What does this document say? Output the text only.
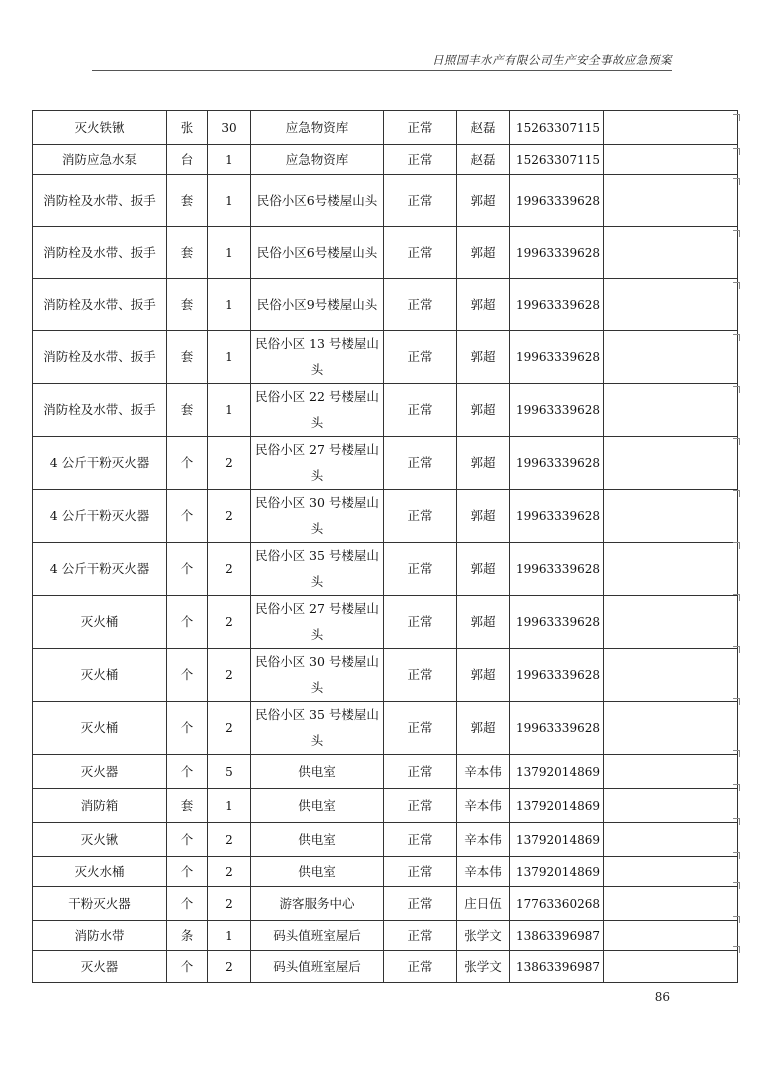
日照国丰水产有限公司生产安全事故应急预案
灭火铁锹	张	30	应急物资库	正常	赵磊	15263307115	
消防应急水泵	台	1	应急物资库	正常	赵磊	15263307115	
消防栓及水带、扳手	套	1	民俗小区6号楼屋山头	正常	郭超	19963339628	
消防栓及水带、扳手	套	1	民俗小区6号楼屋山头	正常	郭超	19963339628	
消防栓及水带、扳手	套	1	民俗小区9号楼屋山头	正常	郭超	19963339628	
消防栓及水带、扳手	套	1	民俗小区 13 号楼屋山头	正常	郭超	19963339628	
消防栓及水带、扳手	套	1	民俗小区 22 号楼屋山头	正常	郭超	19963339628	
4 公斤干粉灭火器	个	2	民俗小区 27 号楼屋山头	正常	郭超	19963339628	
4 公斤干粉灭火器	个	2	民俗小区 30 号楼屋山头	正常	郭超	19963339628	
4 公斤干粉灭火器	个	2	民俗小区 35 号楼屋山头	正常	郭超	19963339628	
灭火桶	个	2	民俗小区 27 号楼屋山头	正常	郭超	19963339628	
灭火桶	个	2	民俗小区 30 号楼屋山头	正常	郭超	19963339628	
灭火桶	个	2	民俗小区 35 号楼屋山头	正常	郭超	19963339628	
灭火器	个	5	供电室	正常	辛本伟	13792014869	
消防箱	套	1	供电室	正常	辛本伟	13792014869	
灭火锹	个	2	供电室	正常	辛本伟	13792014869	
灭火水桶	个	2	供电室	正常	辛本伟	13792014869	
干粉灭火器	个	2	游客服务中心	正常	庄日伍	17763360268	
消防水带	条	1	码头值班室屋后	正常	张学文	13863396987	
灭火器	个	2	码头值班室屋后	正常	张学文	13863396987	
86
